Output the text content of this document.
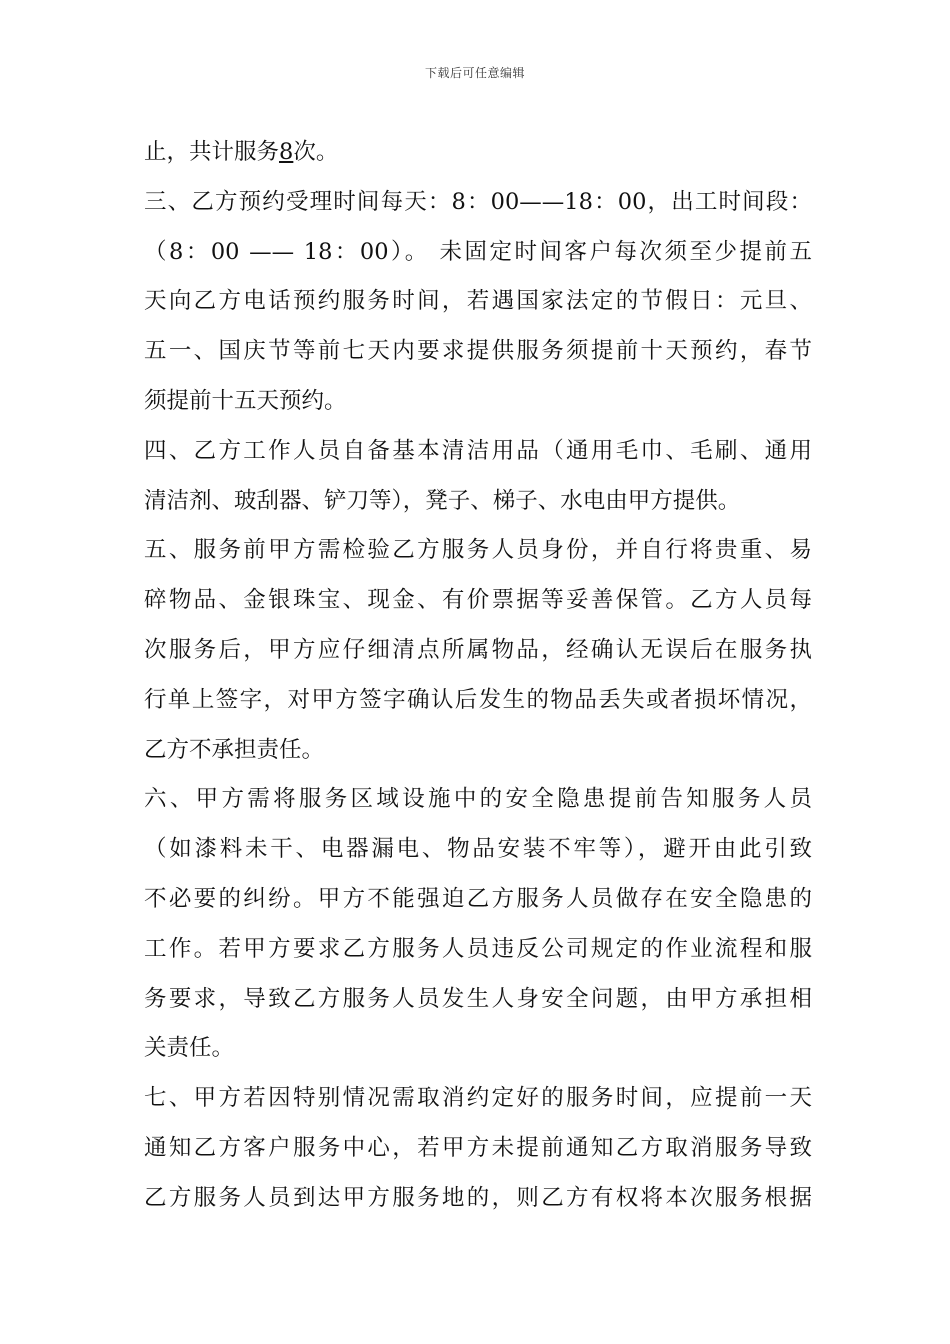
下载后可任意编辑
止，共计服务8次。
三、乙方预约受理时间每天：8：00——18：00，出工时间段：
（8：00 —— 18：00）。 未固定时间客户每次须至少提前五
天向乙方电话预约服务时间，若遇国家法定的节假日：元旦、
五一、国庆节等前七天内要求提供服务须提前十天预约，春节
须提前十五天预约。
四、乙方工作人员自备基本清洁用品（通用毛巾、毛刷、通用
清洁剂、玻刮器、铲刀等），凳子、梯子、水电由甲方提供。
五、服务前甲方需检验乙方服务人员身份，并自行将贵重、易
碎物品、金银珠宝、现金、有价票据等妥善保管。乙方人员每
次服务后，甲方应仔细清点所属物品，经确认无误后在服务执
行单上签字，对甲方签字确认后发生的物品丢失或者损坏情况，
乙方不承担责任。
六、甲方需将服务区域设施中的安全隐患提前告知服务人员
（如漆料未干、电器漏电、物品安装不牢等），避开由此引致
不必要的纠纷。甲方不能强迫乙方服务人员做存在安全隐患的
工作。若甲方要求乙方服务人员违反公司规定的作业流程和服
务要求，导致乙方服务人员发生人身安全问题，由甲方承担相
关责任。
七、甲方若因特别情况需取消约定好的服务时间，应提前一天
通知乙方客户服务中心，若甲方未提前通知乙方取消服务导致
乙方服务人员到达甲方服务地的，则乙方有权将本次服务根据
